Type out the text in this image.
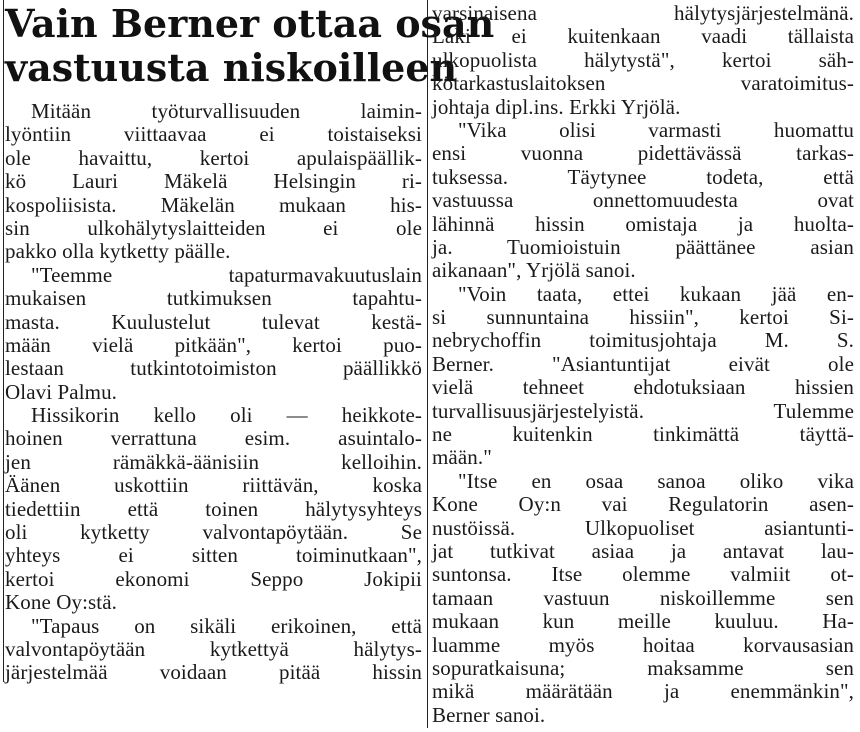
Vain Berner ottaa osan
vastuusta niskoilleen
Mitään työturvallisuuden laimin-
lyöntiin viittaavaa ei toistaiseksi
ole havaittu, kertoi apulaispäällik-
kö Lauri Mäkelä Helsingin ri-
kospoliisista. Mäkelän mukaan his-
sin ulkohälytyslaitteiden ei ole
pakko olla kytketty päälle.
"Teemme tapaturmavakuutuslain
mukaisen tutkimuksen tapahtu-
masta. Kuulustelut tulevat kestä-
mään vielä pitkään", kertoi puo-
lestaan tutkintotoimiston päällikkö
Olavi Palmu.
Hissikorin kello oli — heikkote-
hoinen verrattuna esim. asuintalo-
jen rämäkkä-äänisiin kelloihin.
Äänen uskottiin riittävän, koska
tiedettiin että toinen hälytysyhteys
oli kytketty valvontapöytään. Se
yhteys ei sitten toiminutkaan",
kertoi ekonomi Seppo Jokipii
Kone Oy:stä.
"Tapaus on sikäli erikoinen, että
valvontapöytään kytkettyä hälytys-
järjestelmää voidaan pitää hissin
varsinaisena hälytysjärjestelmänä.
Laki ei kuitenkaan vaadi tällaista
ulkopuolista hälytystä", kertoi säh-
kötarkastuslaitoksen varatoimitus-
johtaja dipl.ins. Erkki Yrjölä.
"Vika olisi varmasti huomattu
ensi vuonna pidettävässä tarkas-
tuksessa. Täytynee todeta, että
vastuussa onnettomuudesta ovat
lähinnä hissin omistaja ja huolta-
ja. Tuomioistuin päättänee asian
aikanaan", Yrjölä sanoi.
"Voin taata, ettei kukaan jää en-
si sunnuntaina hissiin", kertoi Si-
nebrychoffin toimitusjohtaja M. S.
Berner. "Asiantuntijat eivät ole
vielä tehneet ehdotuksiaan hissien
turvallisuusjärjestelyistä. Tulemme
ne kuitenkin tinkimättä täyttä-
mään."
"Itse en osaa sanoa oliko vika
Kone Oy:n vai Regulatorin asen-
nustöissä. Ulkopuoliset asiantunti-
jat tutkivat asiaa ja antavat lau-
suntonsa. Itse olemme valmiit ot-
tamaan vastuun niskoillemme sen
mukaan kun meille kuuluu. Ha-
luamme myös hoitaa korvausasian
sopuratkaisuna; maksamme sen
mikä määrätään ja enemmänkin",
Berner sanoi.
